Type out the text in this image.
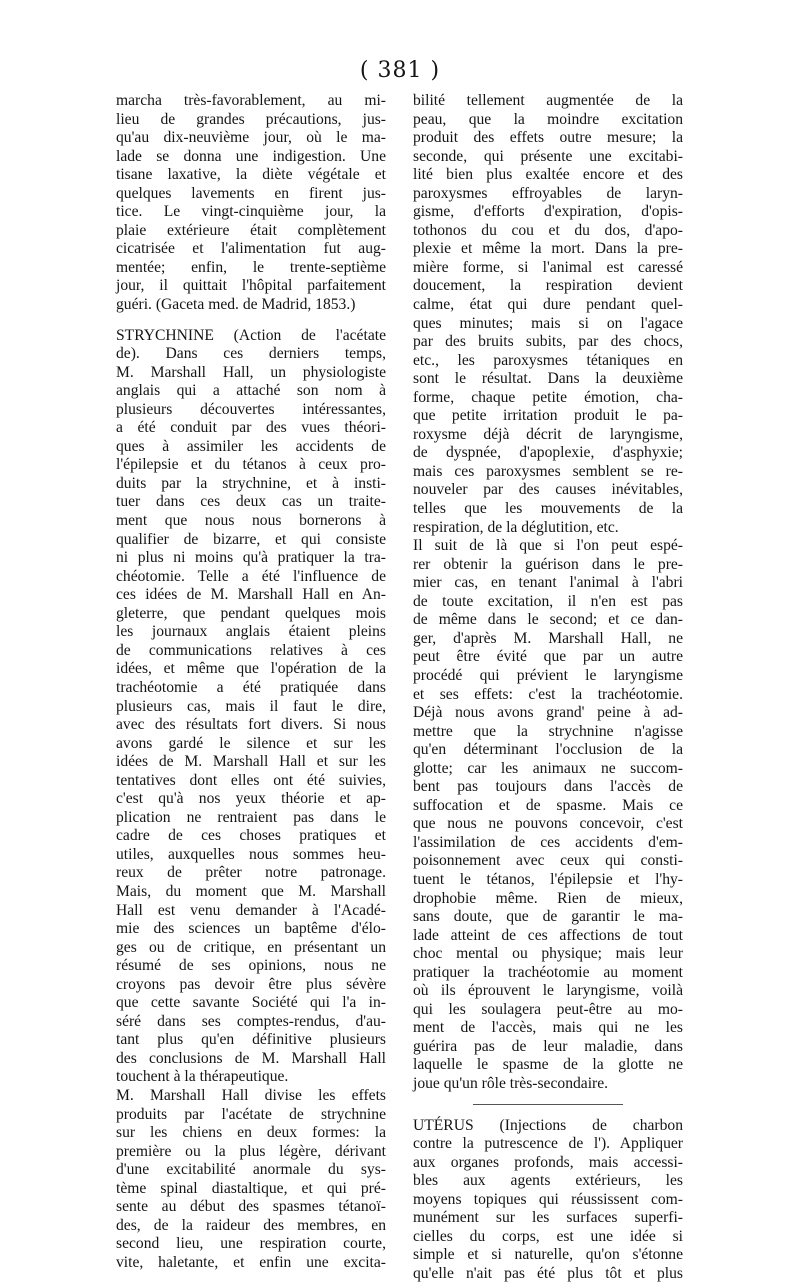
( 381 )
marcha très-favorablement, au mi-
lieu de grandes précautions, jus-
qu'au dix-neuvième jour, où le ma-
lade se donna une indigestion. Une
tisane laxative, la diète végétale et
quelques lavements en firent jus-
tice. Le vingt-cinquième jour, la
plaie extérieure était complètement
cicatrisée et l'alimentation fut aug-
mentée; enfin, le trente-septième
jour, il quittait l'hôpital parfaitement
guéri. (Gaceta med. de Madrid, 1853.)
STRYCHNINE (Action de l'acétate
de). Dans ces derniers temps,
M. Marshall Hall, un physiologiste
anglais qui a attaché son nom à
plusieurs découvertes intéressantes,
a été conduit par des vues théori-
ques à assimiler les accidents de
l'épilepsie et du tétanos à ceux pro-
duits par la strychnine, et à insti-
tuer dans ces deux cas un traite-
ment que nous nous bornerons à
qualifier de bizarre, et qui consiste
ni plus ni moins qu'à pratiquer la tra-
chéotomie. Telle a été l'influence de
ces idées de M. Marshall Hall en An-
gleterre, que pendant quelques mois
les journaux anglais étaient pleins
de communications relatives à ces
idées, et même que l'opération de la
trachéotomie a été pratiquée dans
plusieurs cas, mais il faut le dire,
avec des résultats fort divers. Si nous
avons gardé le silence et sur les
idées de M. Marshall Hall et sur les
tentatives dont elles ont été suivies,
c'est qu'à nos yeux théorie et ap-
plication ne rentraient pas dans le
cadre de ces choses pratiques et
utiles, auxquelles nous sommes heu-
reux de prêter notre patronage.
Mais, du moment que M. Marshall
Hall est venu demander à l'Acadé-
mie des sciences un baptême d'élo-
ges ou de critique, en présentant un
résumé de ses opinions, nous ne
croyons pas devoir être plus sévère
que cette savante Société qui l'a in-
séré dans ses comptes-rendus, d'au-
tant plus qu'en définitive plusieurs
des conclusions de M. Marshall Hall
touchent à la thérapeutique.
M. Marshall Hall divise les effets
produits par l'acétate de strychnine
sur les chiens en deux formes: la
première ou la plus légère, dérivant
d'une excitabilité anormale du sys-
tème spinal diastaltique, et qui pré-
sente au début des spasmes tétanoï-
des, de la raideur des membres, en
second lieu, une respiration courte,
vite, haletante, et enfin une excita-
bilité tellement augmentée de la
peau, que la moindre excitation
produit des effets outre mesure; la
seconde, qui présente une excitabi-
lité bien plus exaltée encore et des
paroxysmes effroyables de laryn-
gisme, d'efforts d'expiration, d'opis-
tothonos du cou et du dos, d'apo-
plexie et même la mort. Dans la pre-
mière forme, si l'animal est caressé
doucement, la respiration devient
calme, état qui dure pendant quel-
ques minutes; mais si on l'agace
par des bruits subits, par des chocs,
etc., les paroxysmes tétaniques en
sont le résultat. Dans la deuxième
forme, chaque petite émotion, cha-
que petite irritation produit le pa-
roxysme déjà décrit de laryngisme,
de dyspnée, d'apoplexie, d'asphyxie;
mais ces paroxysmes semblent se re-
nouveler par des causes inévitables,
telles que les mouvements de la
respiration, de la déglutition, etc.
Il suit de là que si l'on peut espé-
rer obtenir la guérison dans le pre-
mier cas, en tenant l'animal à l'abri
de toute excitation, il n'en est pas
de même dans le second; et ce dan-
ger, d'après M. Marshall Hall, ne
peut être évité que par un autre
procédé qui prévient le laryngisme
et ses effets: c'est la trachéotomie.
Déjà nous avons grand' peine à ad-
mettre que la strychnine n'agisse
qu'en déterminant l'occlusion de la
glotte; car les animaux ne succom-
bent pas toujours dans l'accès de
suffocation et de spasme. Mais ce
que nous ne pouvons concevoir, c'est
l'assimilation de ces accidents d'em-
poisonnement avec ceux qui consti-
tuent le tétanos, l'épilepsie et l'hy-
drophobie même. Rien de mieux,
sans doute, que de garantir le ma-
lade atteint de ces affections de tout
choc mental ou physique; mais leur
pratiquer la trachéotomie au moment
où ils éprouvent le laryngisme, voilà
qui les soulagera peut-être au mo-
ment de l'accès, mais qui ne les
guérira pas de leur maladie, dans
laquelle le spasme de la glotte ne
joue qu'un rôle très-secondaire.
UTÉRUS (Injections de charbon
contre la putrescence de l'). Appliquer
aux organes profonds, mais accessi-
bles aux agents extérieurs, les
moyens topiques qui réussissent com-
munément sur les surfaces superfi-
cielles du corps, est une idée si
simple et si naturelle, qu'on s'étonne
qu'elle n'ait pas été plus tôt et plus
